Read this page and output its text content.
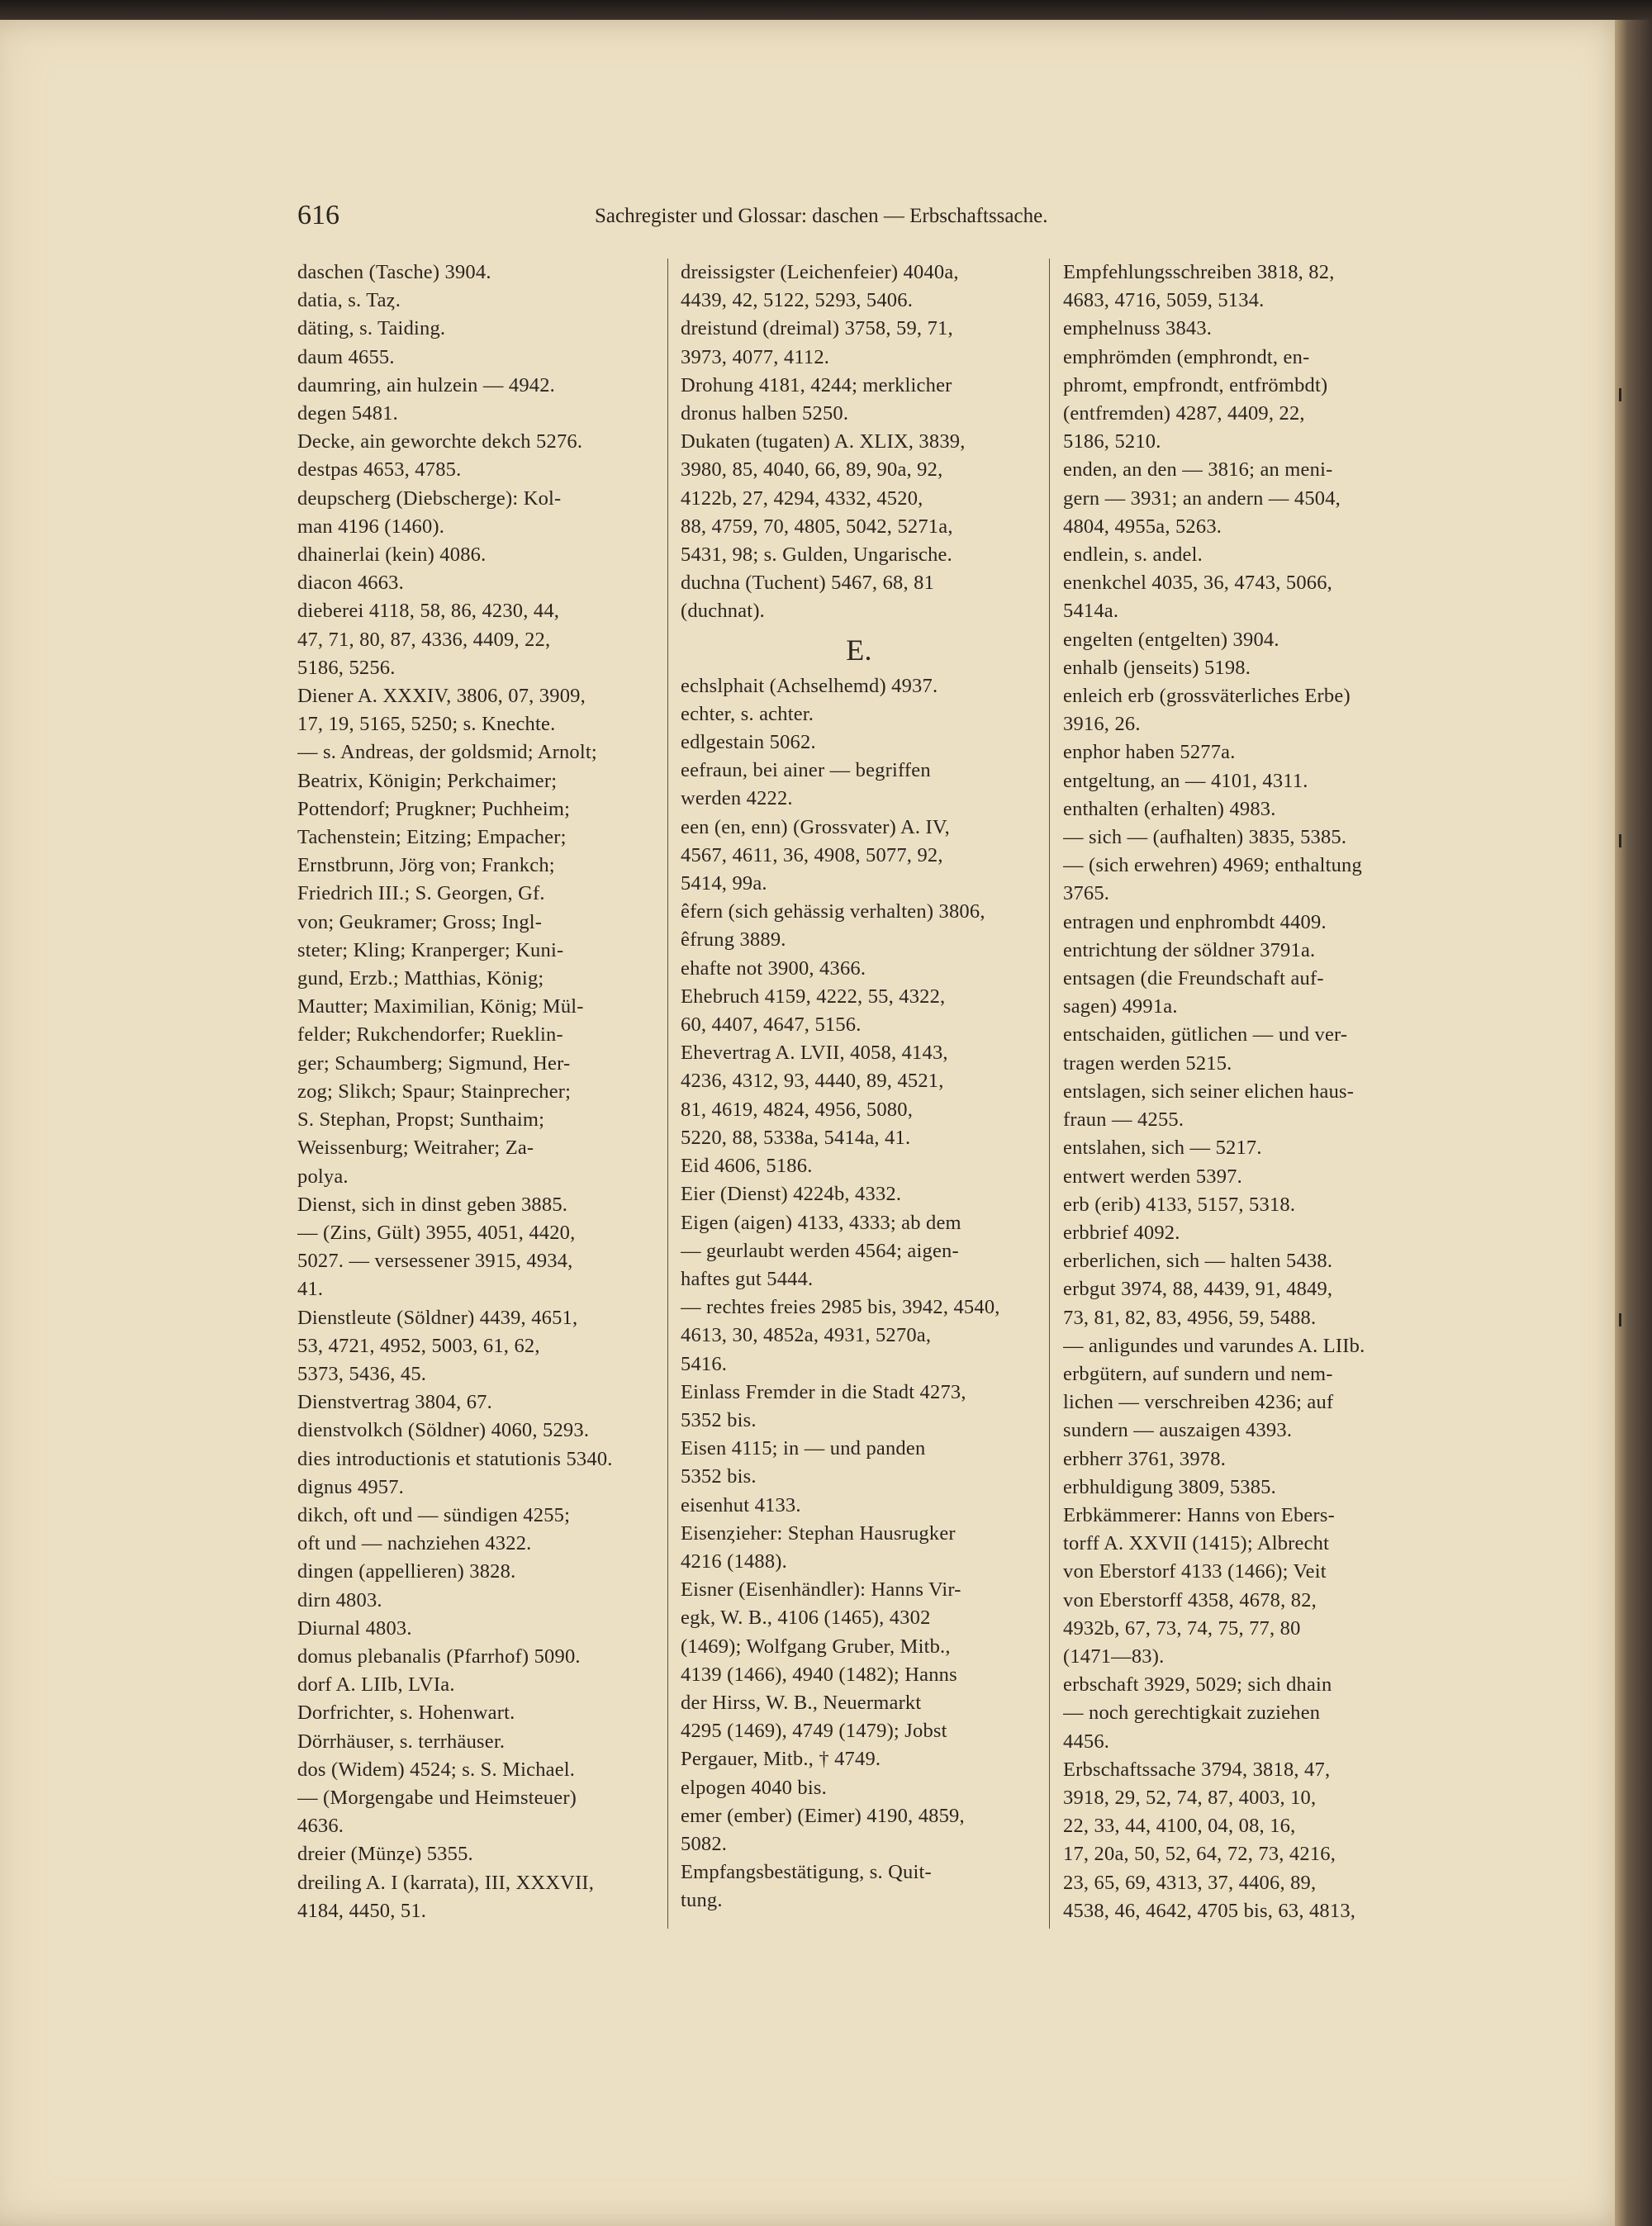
616	Sachregister und Glossar: daschen — Erbschaftssache.
daschen (Tasche) 3904.
datia, s. Taȥ.
däting, s. Taiding.
daum 4655.
daumring, ain hulzein — 4942.
degen 5481.
Decke, ain geworchte dekch 5276.
destpas 4653, 4785.
deupscherg (Diebscherge): Kol-
man 4196 (1460).
dhainerlai (kein) 4086.
diacon 4663.
dieberei 4118, 58, 86, 4230, 44,
47, 71, 80, 87, 4336, 4409, 22,
5186, 5256.
Diener A. XXXIV, 3806, 07, 3909,
17, 19, 5165, 5250; s. Knechte.
— s. Andreas, der goldsmid; Arnolt;
Beatrix, Königin; Perkchaimer;
Pottendorf; Prugkner; Puchheim;
Tachenstein; Eitzing; Empacher;
Ernstbrunn, Jörg von; Frankch;
Friedrich III.; S. Georgen, Gf.
von; Geukramer; Gross; Ingl-
steter; Kling; Kranperger; Kuni-
gund, Erzb.; Matthias, König;
Mautter; Maximilian, König; Mül-
felder; Rukchendorfer; Rueklin-
ger; Schaumberg; Sigmund, Her-
zog; Slikch; Spaur; Stainprecher;
S. Stephan, Propst; Sunthaim;
Weissenburg; Weitraher; Za-
polya.
Dienst, sich in dinst geben 3885.
— (Zins, Gült) 3955, 4051, 4420,
5027. — versessener 3915, 4934,
41.
Dienstleute (Söldner) 4439, 4651,
53, 4721, 4952, 5003, 61, 62,
5373, 5436, 45.
Dienstvertrag 3804, 67.
dienstvolkch (Söldner) 4060, 5293.
dies introductionis et statutionis 5340.
dignus 4957.
dikch, oft und — sündigen 4255;
oft und — nachziehen 4322.
dingen (appellieren) 3828.
dirn 4803.
Diurnal 4803.
domus plebanalis (Pfarrhof) 5090.
dorf A. LIIb, LVIa.
Dorfrichter, s. Hohenwart.
Dörrhäuser, s. terrhäuser.
dos (Widem) 4524; s. S. Michael.
— (Morgengabe und Heimsteuer)
4636.
dreier (Münȥe) 5355.
dreiling A. I (karrata), III, XXXVII,
4184, 4450, 51.
dreissigster (Leichenfeier) 4040a,
4439, 42, 5122, 5293, 5406.
dreistund (dreimal) 3758, 59, 71,
3973, 4077, 4112.
Drohung 4181, 4244; merklicher
dronus halben 5250.
Dukaten (tugaten) A. XLIX, 3839,
3980, 85, 4040, 66, 89, 90a, 92,
4122b, 27, 4294, 4332, 4520,
88, 4759, 70, 4805, 5042, 5271a,
5431, 98; s. Gulden, Ungarische.
duchna (Tuchent) 5467, 68, 81
(duchnat).
E.
echslphait (Achselhemd) 4937.
echter, s. achter.
edlgestain 5062.
eefraun, bei ainer — begriffen
werden 4222.
een (en, enn) (Grossvater) A. IV,
4567, 4611, 36, 4908, 5077, 92,
5414, 99a.
êfern (sich gehässig verhalten) 3806,
êfrung 3889.
ehafte not 3900, 4366.
Ehebruch 4159, 4222, 55, 4322,
60, 4407, 4647, 5156.
Ehevertrag A. LVII, 4058, 4143,
4236, 4312, 93, 4440, 89, 4521,
81, 4619, 4824, 4956, 5080,
5220, 88, 5338a, 5414a, 41.
Eid 4606, 5186.
Eier (Dienst) 4224b, 4332.
Eigen (aigen) 4133, 4333; ab dem
— geurlaubt werden 4564; aigen-
haftes gut 5444.
— rechtes freies 2985 bis, 3942, 4540,
4613, 30, 4852a, 4931, 5270a,
5416.
Einlass Fremder in die Stadt 4273,
5352 bis.
Eisen 4115; in — und panden
5352 bis.
eisenhut 4133.
Eisenȥieher: Stephan Hausrugker
4216 (1488).
Eisner (Eisenhändler): Hanns Vir-
egk, W. B., 4106 (1465), 4302
(1469); Wolfgang Gruber, Mitb.,
4139 (1466), 4940 (1482); Hanns
der Hirss, W. B., Neuermarkt
4295 (1469), 4749 (1479); Jobst
Pergauer, Mitb., † 4749.
elpogen 4040 bis.
emer (ember) (Eimer) 4190, 4859,
5082.
Empfangsbestätigung, s. Quit-
tung.
Empfehlungsschreiben 3818, 82,
4683, 4716, 5059, 5134.
emphelnuss 3843.
emphrömden (emphrondt, en-
phromt, empfrondt, entfrömbdt)
(entfremden) 4287, 4409, 22,
5186, 5210.
enden, an den — 3816; an meni-
gern — 3931; an andern — 4504,
4804, 4955a, 5263.
endlein, s. andel.
enenkchel 4035, 36, 4743, 5066,
5414a.
engelten (entgelten) 3904.
enhalb (jenseits) 5198.
enleich erb (grossväterliches Erbe)
3916, 26.
enphor haben 5277a.
entgeltung, an — 4101, 4311.
enthalten (erhalten) 4983.
— sich — (aufhalten) 3835, 5385.
— (sich erwehren) 4969; enthaltung
3765.
entragen und enphrombdt 4409.
entrichtung der söldner 3791a.
entsagen (die Freundschaft auf-
sagen) 4991a.
entschaiden, gütlichen — und ver-
tragen werden 5215.
entslagen, sich seiner elichen haus-
fraun — 4255.
entslahen, sich — 5217.
entwert werden 5397.
erb (erib) 4133, 5157, 5318.
erbbrief 4092.
erberlichen, sich — halten 5438.
erbgut 3974, 88, 4439, 91, 4849,
73, 81, 82, 83, 4956, 59, 5488.
— anligundes und varundes A. LIIb.
erbgütern, auf sundern und nem-
lichen — verschreiben 4236; auf
sundern — auszaigen 4393.
erbherr 3761, 3978.
erbhuldigung 3809, 5385.
Erbkämmerer: Hanns von Ebers-
torff A. XXVII (1415); Albrecht
von Eberstorf 4133 (1466); Veit
von Eberstorff 4358, 4678, 82,
4932b, 67, 73, 74, 75, 77, 80
(1471—83).
erbschaft 3929, 5029; sich dhain
— noch gerechtigkait zuziehen
4456.
Erbschaftssache 3794, 3818, 47,
3918, 29, 52, 74, 87, 4003, 10,
22, 33, 44, 4100, 04, 08, 16,
17, 20a, 50, 52, 64, 72, 73, 4216,
23, 65, 69, 4313, 37, 4406, 89,
4538, 46, 4642, 4705 bis, 63, 4813,
